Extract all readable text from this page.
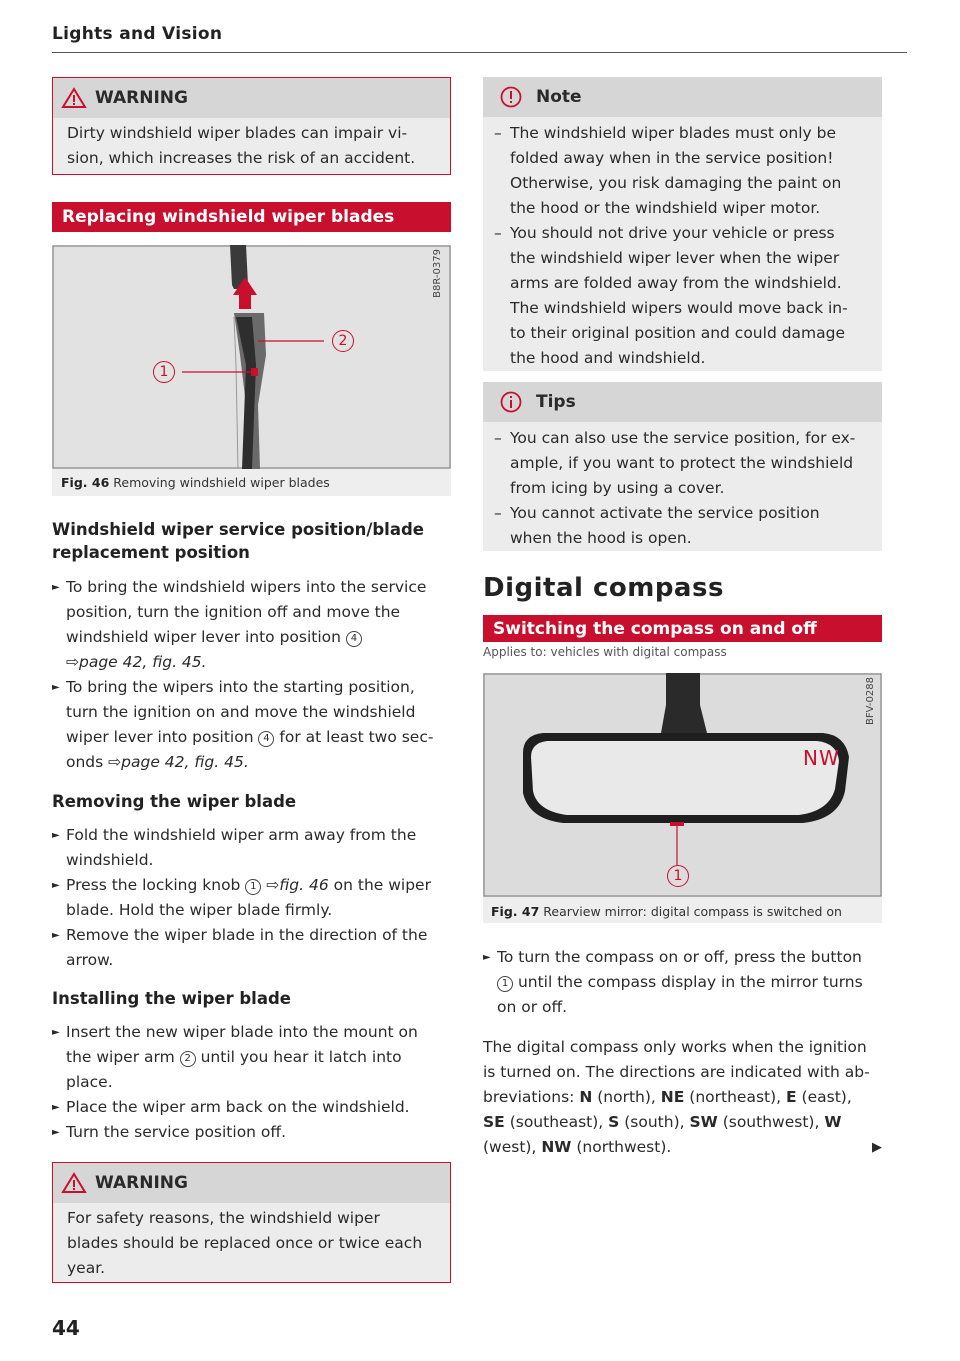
Lights and Vision
WARNING

Dirty windshield wiper blades can impair vi-

sion, which increases the risk of an accident.

Replacing windshield wiper blades
1
2
B8R-0379
Fig. 46 Removing windshield wiper blades

Windshield wiper service position/blade

replacement position

► To bring the windshield wipers into the service
position, turn the ignition off and move the
windshield wiper lever into position 4
⇨page 42, fig. 45.
► To bring the wipers into the starting position,
turn the ignition on and move the windshield
wiper lever into position 4 for at least two sec-
onds ⇨page 42, fig. 45.

Removing the wiper blade

► Fold the windshield wiper arm away from the
windshield.
► Press the locking knob 1 ⇨fig. 46 on the wiper
blade. Hold the wiper blade firmly.
► Remove the wiper blade in the direction of the
arrow.

Installing the wiper blade

► Insert the new wiper blade into the mount on
the wiper arm 2 until you hear it latch into
place.
► Place the wiper arm back on the windshield.
► Turn the service position off.
WARNING

For safety reasons, the windshield wiper

blades should be replaced once or twice each

year.

44
Note
– The windshield wiper blades must only be
folded away when in the service position!
Otherwise, you risk damaging the paint on
the hood or the windshield wiper motor.
– You should not drive your vehicle or press
the windshield wiper lever when the wiper
arms are folded away from the windshield.
The windshield wipers would move back in-
to their original position and could damage
the hood and windshield.
Tips
– You can also use the service position, for ex-
ample, if you want to protect the windshield
from icing by using a cover.
– You cannot activate the service position
when the hood is open.
Digital compass
Switching the compass on and off
Applies to: vehicles with digital compass
NW
1
BFV-0288
Fig. 47 Rearview mirror: digital compass is switched on
► To turn the compass on or off, press the button
1 until the compass display in the mirror turns
on or off.
The digital compass only works when the ignition
is turned on. The directions are indicated with ab-
breviations: N (north), NE (northeast), E (east),
SE (southeast), S (south), SW (southwest), W
(west), NW (northwest).	▶
